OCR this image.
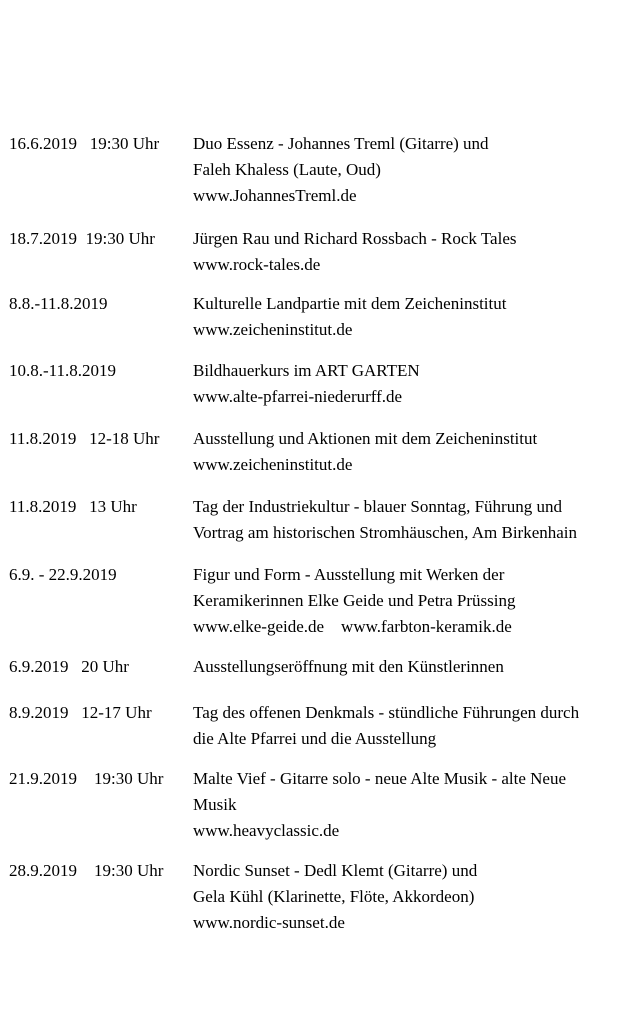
16.6.2019   19:30 Uhr Duo Essenz - Johannes Treml (Gitarre) und
Faleh Khaless (Laute, Oud)
www.JohannesTreml.de
18.7.2019  19:30 Uhr Jürgen Rau und Richard Rossbach - Rock Tales
www.rock-tales.de
8.8.-11.8.2019	Kulturelle Landpartie mit dem Zeicheninstitut
www.zeicheninstitut.de
10.8.-11.8.2019	Bildhauerkurs im ART GARTEN
www.alte-pfarrei-niederurff.de
11.8.2019   12-18 Uhr Ausstellung und Aktionen mit dem Zeicheninstitut
www.zeicheninstitut.de
11.8.2019   13 Uhr	Tag der Industriekultur - blauer Sonntag, Führung und
Vortrag am historischen Stromhäuschen, Am Birkenhain
6.9. - 22.9.2019	Figur und Form - Ausstellung mit Werken der
Keramikerinnen Elke Geide und Petra Prüssing
www.elke-geide.de    www.farbton-keramik.de
6.9.2019   20 Uhr	Ausstellungseröffnung mit den Künstlerinnen
8.9.2019   12-17 Uhr Tag des offenen Denkmals - stündliche Führungen durch
die Alte Pfarrei und die Ausstellung
21.9.2019    19:30 Uhr Malte Vief - Gitarre solo - neue Alte Musik - alte Neue
Musik
www.heavyclassic.de
28.9.2019    19:30 Uhr Nordic Sunset - Dedl Klemt (Gitarre) und
Gela Kühl (Klarinette, Flöte, Akkordeon)
www.nordic-sunset.de
